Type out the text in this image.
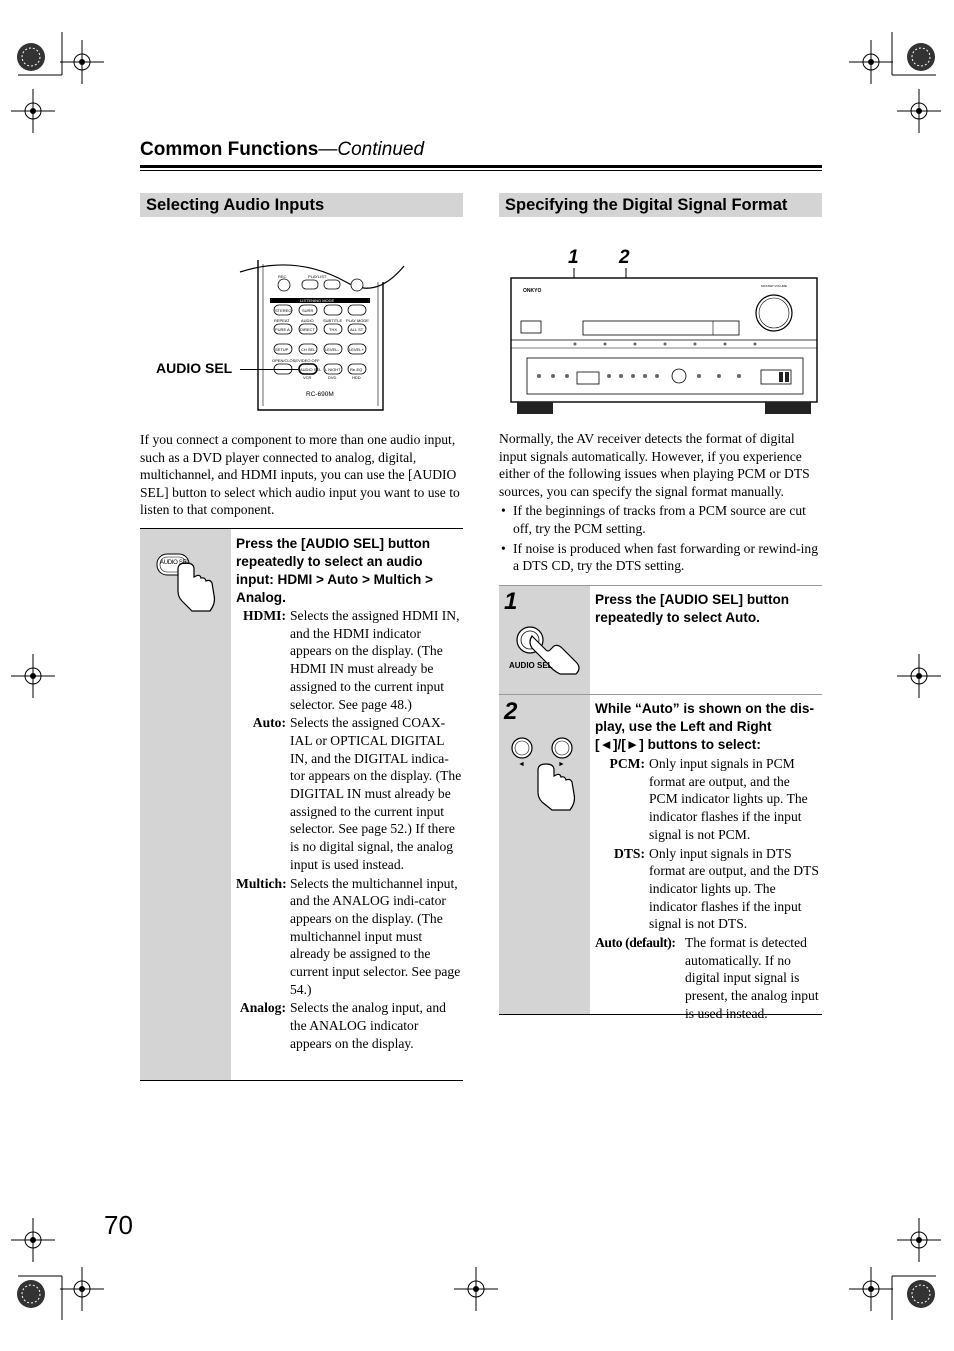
Common Functions—Continued
Selecting Audio Inputs	Specifying the Digital Signal Format
AUDIO SEL
REC	PLAYLIST
LISTENING MODE
STEREO	SURR
REPEAT	AUDIO SUBTITLE PLAY MODE
PURE A	DIRECT	THX	ALL ST
SETUP	CH SEL LEVEL-	LEVEL+
OPEN/CLOSE VIDEO OFF
AUDIO SEL L NIGHT Re-EQ
VCR	DVD	HDD
RC-690M
If you connect a component to more than one audio input, such as a DVD player connected to analog, digital, multichannel, and HDMI inputs, you can use the [AUDIO SEL] button to select which audio input you want to use to listen to that component.
AUDIO SEL
Press the [AUDIO SEL] button repeatedly to select an audio input: HDMI > Auto > Multich > Analog.
HDMI: Selects the assigned HDMI IN, and the HDMI indicator appears on the display. (The HDMI IN must already be assigned to the current input selector. See page 48.)
Auto: Selects the assigned COAX-IAL or OPTICAL DIGITAL IN, and the DIGITAL indica-tor appears on the display. (The DIGITAL IN must already be assigned to the current input selector. See page 52.) If there is no digital signal, the analog input is used instead.
Multich: Selects the multichannel input, and the ANALOG indi-cator appears on the display. (The multichannel input must already be assigned to the current input selector. See page 54.)
Analog: Selects the analog input, and the ANALOG indicator appears on the display.
1 2
ONKYO
MASTER VOLUME
Normally, the AV receiver detects the format of digital input signals automatically. However, if you experience either of the following issues when playing PCM or DTS sources, you can specify the signal format manually.
• If the beginnings of tracks from a PCM source are cut off, try the PCM setting.
• If noise is produced when fast forwarding or rewind-ing a DTS CD, try the DTS setting.
1
AUDIO SEL
Press the [AUDIO SEL] button repeatedly to select Auto.
2
◄	►
While “Auto” is shown on the dis-play, use the Left and Right [◄]/[►] buttons to select:
PCM: Only input signals in PCM format are output, and the PCM indicator lights up. The indicator flashes if the input signal is not PCM.
DTS: Only input signals in DTS format are output, and the DTS indicator lights up. The indicator flashes if the input signal is not DTS.
Auto (default): The format is detected automatically. If no digital input signal is present, the analog input is used instead.
70
